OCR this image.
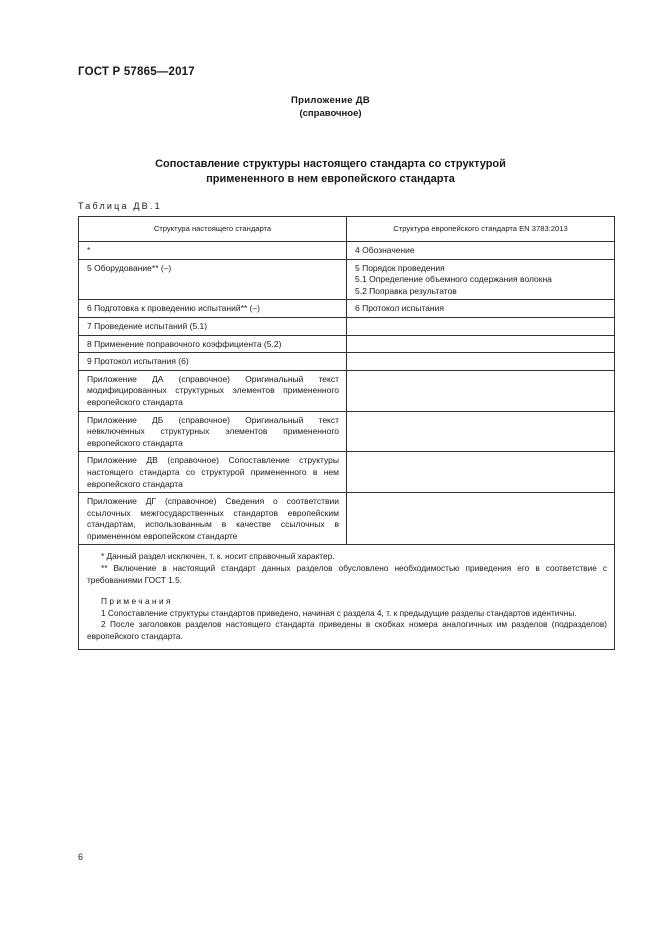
ГОСТ Р 57865—2017
Приложение ДВ
(справочное)
Сопоставление структуры настоящего стандарта со структурой
примененного в нем европейского стандарта
Таблица ДВ.1
Структура настоящего стандарта	Структура европейского стандарта EN 3783:2013
*	4 Обозначение

5 Оборудование** (–)	5 Порядок проведения
5.1 Определение объемного содержания волокна
5.2 Поправка результатов

6 Подготовка к проведению испытаний** (–)	6 Протокол испытания

7 Проведение испытаний (5.1)	
8 Применение поправочного коэффициента (5.2)	
9 Протокол испытания (6)	
Приложение ДА (справочное) Оригинальный текст модифицированных структурных элементов примененного европейского стандарта	
Приложение ДБ (справочное) Оригинальный текст невключенных структурных элементов примененного европейского стандарта	
Приложение ДВ (справочное) Сопоставление структуры настоящего стандарта со структурой примененного в нем европейского стандарта	
Приложение ДГ (справочное) Сведения о соответствии ссылочных межгосударственных стандартов европейским стандартам, использованным в качестве ссылочных в примененном европейском стандарте	

* Данный раздел исключен, т. к. носит справочный характер.

** Включение в настоящий стандарт данных разделов обусловлено необходимостью приведения его в соответствие с требованиями ГОСТ 1.5.

Примечания

1 Сопоставление структуры стандартов приведено, начиная с раздела 4, т. к предыдущие разделы стандартов идентичны.

2 После заголовков разделов настоящего стандарта приведены в скобках номера аналогичных им разделов (подразделов) европейского стандарта.	

6
